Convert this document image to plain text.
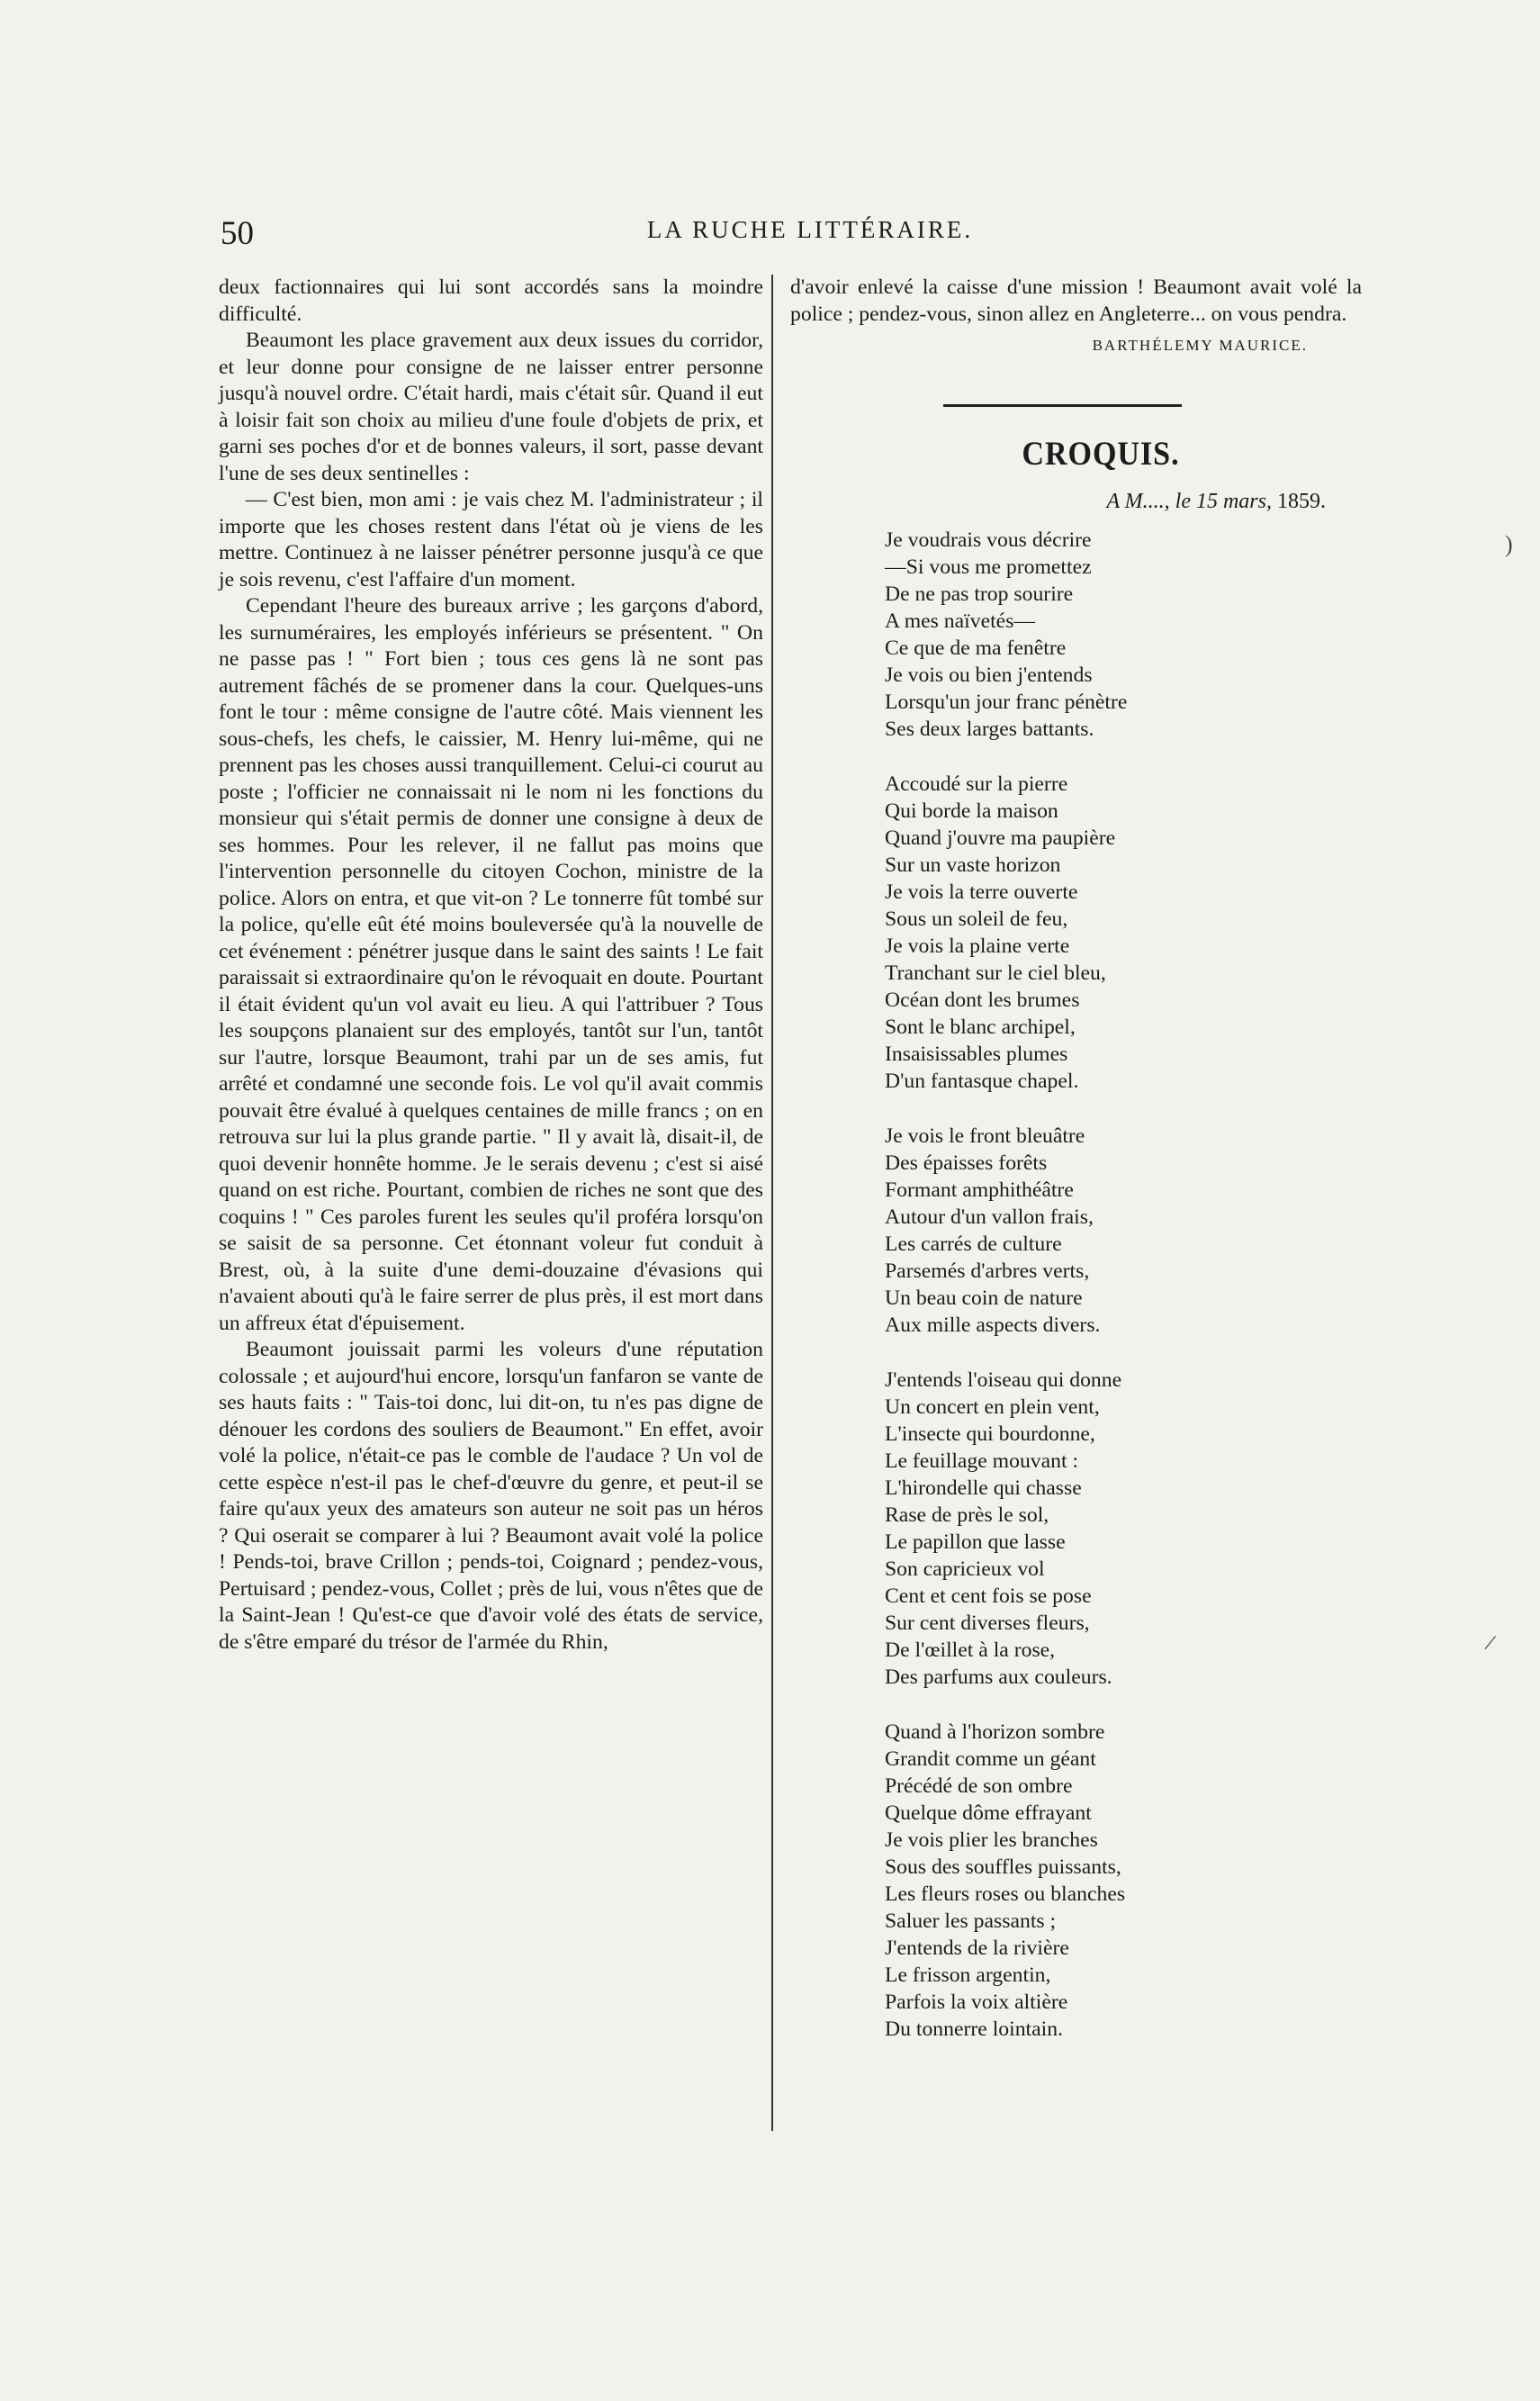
50	LA RUCHE LITTÉRAIRE.

deux factionnaires qui lui sont accordés sans la moindre difficulté.

Beaumont les place gravement aux deux issues du corridor, et leur donne pour consigne de ne laisser entrer personne jusqu'à nouvel ordre. C'était hardi, mais c'était sûr. Quand il eut à loisir fait son choix au milieu d'une foule d'objets de prix, et garni ses poches d'or et de bonnes valeurs, il sort, passe devant l'une de ses deux sentinelles :

— C'est bien, mon ami : je vais chez M. l'administrateur ; il importe que les choses restent dans l'état où je viens de les mettre. Continuez à ne laisser pénétrer personne jusqu'à ce que je sois revenu, c'est l'affaire d'un moment.

Cependant l'heure des bureaux arrive ; les garçons d'abord, les surnuméraires, les employés inférieurs se présentent. " On ne passe pas ! " Fort bien ; tous ces gens là ne sont pas autrement fâchés de se promener dans la cour. Quelques-uns font le tour : même consigne de l'autre côté. Mais viennent les sous-chefs, les chefs, le caissier, M. Henry lui-même, qui ne prennent pas les choses aussi tranquillement. Celui-ci courut au poste ; l'officier ne connaissait ni le nom ni les fonctions du monsieur qui s'était permis de donner une consigne à deux de ses hommes. Pour les relever, il ne fallut pas moins que l'intervention personnelle du citoyen Cochon, ministre de la police. Alors on entra, et que vit-on ? Le tonnerre fût tombé sur la police, qu'elle eût été moins bouleversée qu'à la nouvelle de cet événement : pénétrer jusque dans le saint des saints ! Le fait paraissait si extraordinaire qu'on le révoquait en doute. Pourtant il était évident qu'un vol avait eu lieu. A qui l'attribuer ? Tous les soupçons planaient sur des employés, tantôt sur l'un, tantôt sur l'autre, lorsque Beaumont, trahi par un de ses amis, fut arrêté et condamné une seconde fois. Le vol qu'il avait commis pouvait être évalué à quelques centaines de mille francs ; on en retrouva sur lui la plus grande partie. " Il y avait là, disait-il, de quoi devenir honnête homme. Je le serais devenu ; c'est si aisé quand on est riche. Pourtant, combien de riches ne sont que des coquins ! " Ces paroles furent les seules qu'il proféra lorsqu'on se saisit de sa personne. Cet étonnant voleur fut conduit à Brest, où, à la suite d'une demi-douzaine d'évasions qui n'avaient abouti qu'à le faire serrer de plus près, il est mort dans un affreux état d'épuisement.

Beaumont jouissait parmi les voleurs d'une réputation colossale ; et aujourd'hui encore, lorsqu'un fanfaron se vante de ses hauts faits : " Tais-toi donc, lui dit-on, tu n'es pas digne de dénouer les cordons des souliers de Beaumont." En effet, avoir volé la police, n'était-ce pas le comble de l'audace ? Un vol de cette espèce n'est-il pas le chef-d'œuvre du genre, et peut-il se faire qu'aux yeux des amateurs son auteur ne soit pas un héros ? Qui oserait se comparer à lui ? Beaumont avait volé la police ! Pends-toi, brave Crillon ; pends-toi, Coignard ; pendez-vous, Pertuisard ; pendez-vous, Collet ; près de lui, vous n'êtes que de la Saint-Jean ! Qu'est-ce que d'avoir volé des états de service, de s'être emparé du trésor de l'armée du Rhin,

d'avoir enlevé la caisse d'une mission ! Beaumont avait volé la police ; pendez-vous, sinon allez en Angleterre... on vous pendra.

BARTHÉLEMY MAURICE.
CROQUIS.
A M...., le 15 mars, 1859.
Je voudrais vous décrire
—Si vous me promettez
De ne pas trop sourire
A mes naïvetés—
Ce que de ma fenêtre
Je vois ou bien j'entends
Lorsqu'un jour franc pénètre
Ses deux larges battants.
Accoudé sur la pierre
Qui borde la maison
Quand j'ouvre ma paupière
Sur un vaste horizon
Je vois la terre ouverte
Sous un soleil de feu,
Je vois la plaine verte
Tranchant sur le ciel bleu,
Océan dont les brumes
Sont le blanc archipel,
Insaisissables plumes
D'un fantasque chapel.
Je vois le front bleuâtre
Des épaisses forêts
Formant amphithéâtre
Autour d'un vallon frais,
Les carrés de culture
Parsemés d'arbres verts,
Un beau coin de nature
Aux mille aspects divers.
J'entends l'oiseau qui donne
Un concert en plein vent,
L'insecte qui bourdonne,
Le feuillage mouvant :
L'hirondelle qui chasse
Rase de près le sol,
Le papillon que lasse
Son capricieux vol
Cent et cent fois se pose
Sur cent diverses fleurs,
De l'œillet à la rose,
Des parfums aux couleurs.
Quand à l'horizon sombre
Grandit comme un géant
Précédé de son ombre
Quelque dôme effrayant
Je vois plier les branches
Sous des souffles puissants,
Les fleurs roses ou blanches
Saluer les passants ;
J'entends de la rivière
Le frisson argentin,
Parfois la voix altière
Du tonnerre lointain.
)
/
